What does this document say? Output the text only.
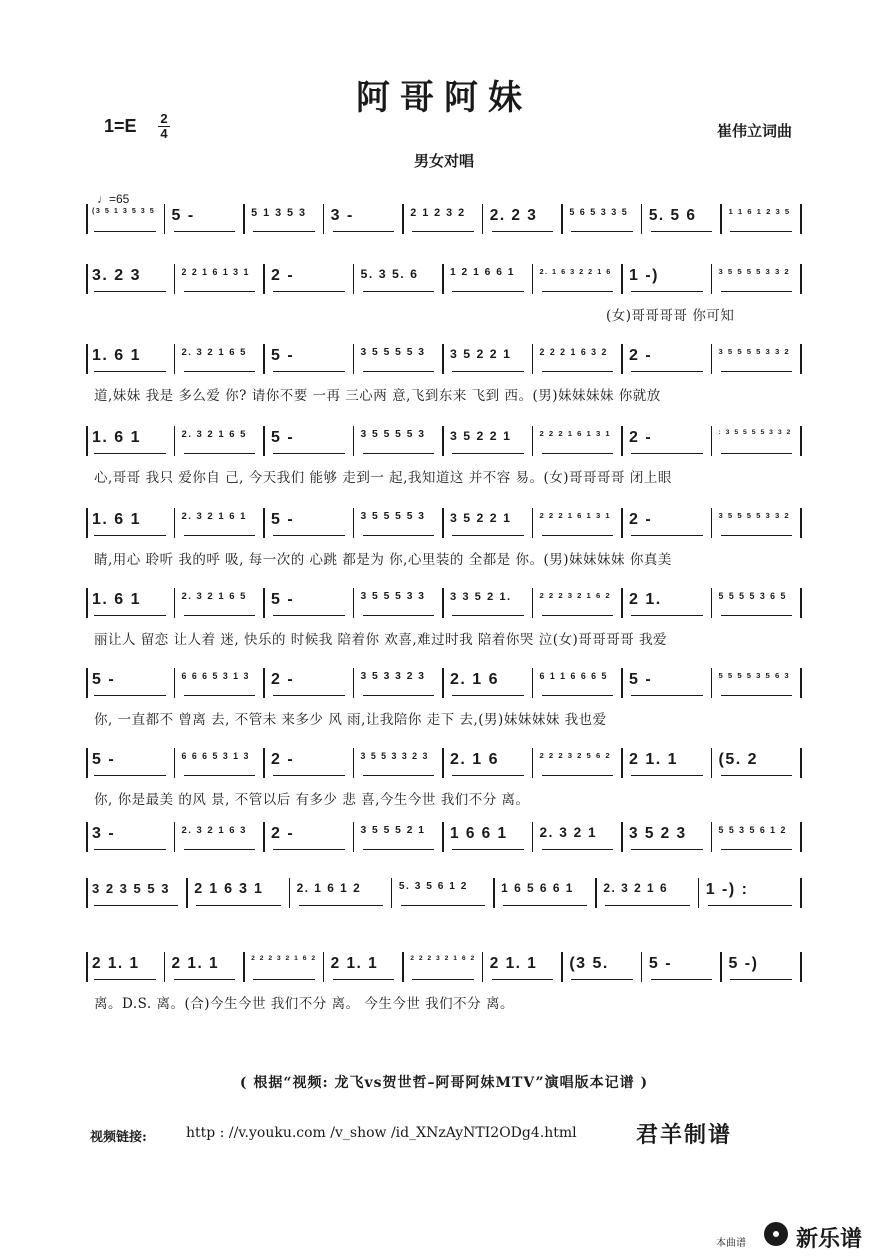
阿哥阿妹
1=E 2
4	崔伟立词曲
男女对唱
♩=65
(3 5 1 3 5 3 5 5 -	5 1 3 5 3 3 -	2 1 2 3 2 2. 2 3	5 6 5 3 3 5 5. 5 6	1 1 6 1 2 3 5
3. 2 3	2 2 1 6 1 3 1 2 -	5. 3 5. 6	1 2 1 6 6 1	2. 1 6 3 2 2 1 6 1 -)	3 5 5 5 5 3 3 2
(女)哥哥哥哥 你可知
1. 6 1	2. 3 2 1 6 5 5 -	3 5 5 5 5 3 3 5 2 2 1	2 2 2 1 6 3 2 2 -	3 5 5 5 5 3 3 2
道,妹妹 我是 多么爱 你? 请你不要 一再 三心两 意,飞到东来 飞到 西。(男)妹妹妹妹 你就放
1. 6 1	2. 3 2 1 6 5 5 -	3 5 5 5 5 3 3 5 2 2 1	2 2 2 1 6 1 3 1 2 -	: 3 5 5 5 5 3 3 2
心,哥哥 我只 爱你自 己, 今天我们 能够 走到一 起,我知道这 并不容 易。(女)哥哥哥哥 闭上眼
1. 6 1	2. 3 2 1 6 1 5 -	3 5 5 5 5 3 3 5 2 2 1	2 2 2 1 6 1 3 1 2 -	3 5 5 5 5 3 3 2
睛,用心 聆听 我的呼 吸, 每一次的 心跳 都是为 你,心里装的 全都是 你。(男)妹妹妹妹 你真美
1. 6 1	2. 3 2 1 6 5 5 -	3 5 5 5 3 3 3 3 5 2 1.	2 2 2 3 2 1 6 2 2 1.	5 5 5 5 3 6 5
丽让人 留恋 让人着 迷, 快乐的 时候我 陪着你 欢喜,难过时我 陪着你哭 泣(女)哥哥哥哥 我爱
5 -	6 6 6 5 3 1 3 2 -	3 5 3 3 2 3 2. 1 6	6 1 1 6 6 6 5 5 -	5 5 5 5 3 5 6 3
你, 一直都不 曾离 去, 不管未 来多少 风 雨,让我陪你 走下 去,(男)妹妹妹妹 我也爱
5 -	6 6 6 5 3 1 3 2 -	3 5 5 3 3 2 3 2. 1 6	2 2 2 3 2 5 6 2 2 1. 1	(5. 2
你, 你是最美 的风 景, 不管以后 有多少 悲 喜,今生今世 我们不分 离。
3 -	2. 3 2 1 6 3 2 -	3 5 5 5 2 1 1 6 6 1 2. 3 2 1 3 5 2 3	5 5 3 5 6 1 2
3 2 3 5 5 3 2 1 6 3 1	2. 1 6 1 2	5. 3 5 6 1 2	1 6 5 6 6 1 2. 3 2 1 6 1 -) :
2 1. 1 2 1. 1	2 2 2 3 2 1 6 2 2 1. 1	2 2 2 3 2 1 6 2 2 1. 1 (3 5.	5 -	5 -)
离。D.S. 离。(合)今生今世 我们不分 离。 今生今世 我们不分 离。
( 根据“视频: 龙飞vs贺世哲–阿哥阿妹MTV”演唱版本记谱 )
视频链接:	http : //v.youku.com /v_show /id_XNzAyNTI2ODg4.html	君羊制谱
本曲谱 新乐谱
